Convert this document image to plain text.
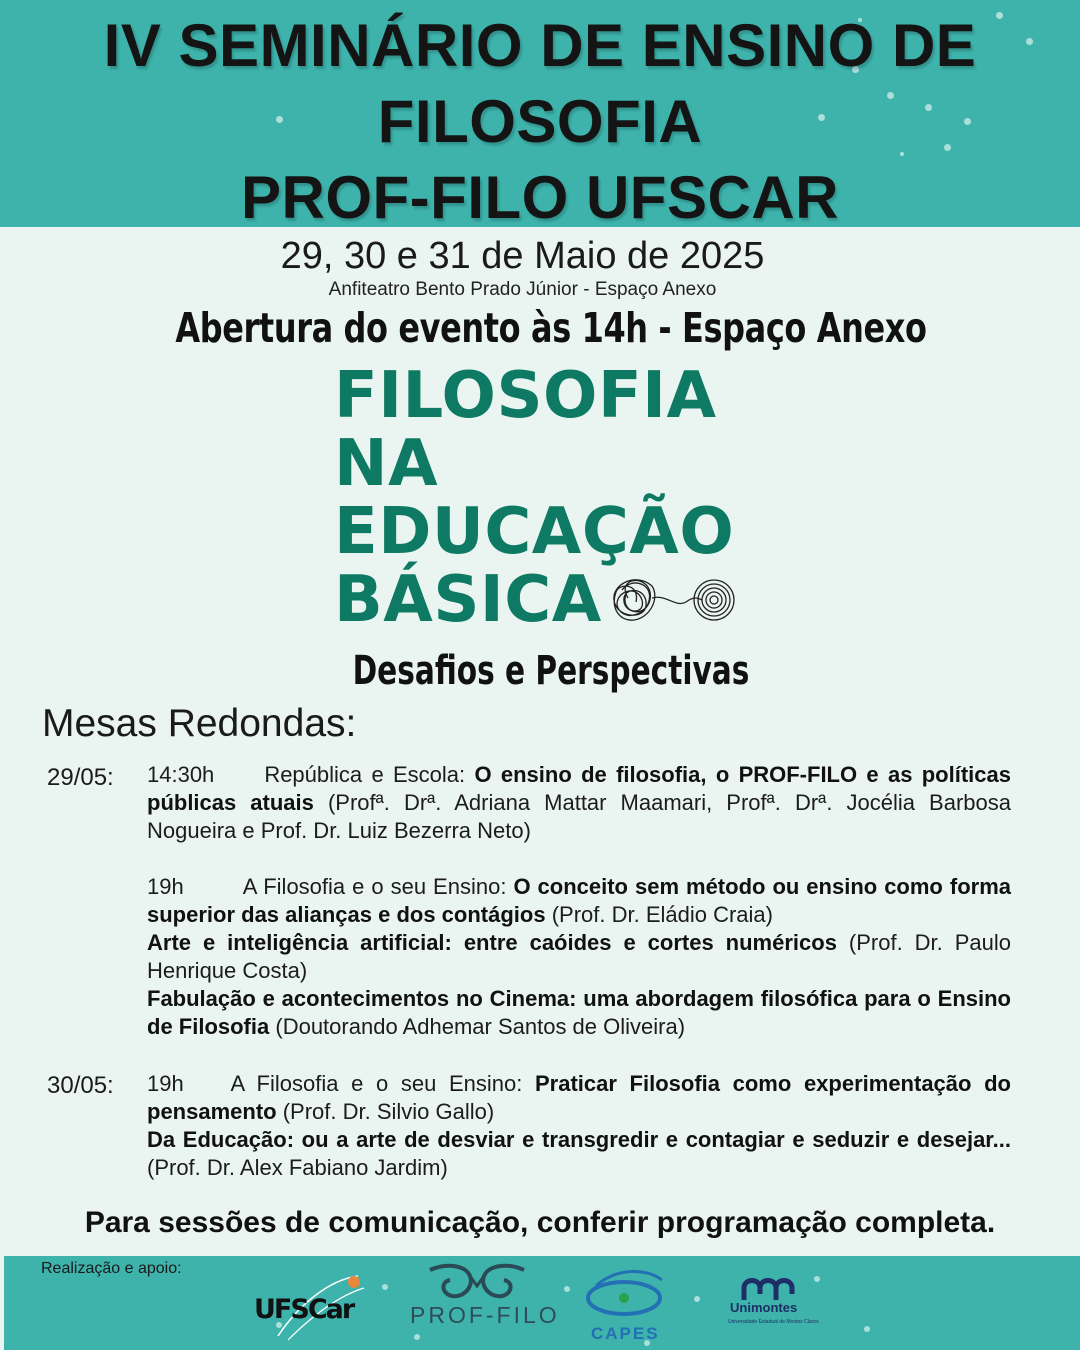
IV SEMINÁRIO DE ENSINO DE
FILOSOFIA
PROF-FILO UFSCAR
29, 30 e 31 de Maio de 2025
Anfiteatro Bento Prado Júnior - Espaço Anexo
Abertura do evento às 14h - Espaço Anexo
FILOSOFIA
NA
EDUCAÇÃO
BÁSICA
Desafios e Perspectivas
Mesas Redondas:
29/05: 14:30h República e Escola: O ensino de filosofia, o PROF-FILO e as políticas públicas atuais (Profª. Drª. Adriana Mattar Maamari, Profª. Drª. Jocélia Barbosa Nogueira e Prof. Dr. Luiz Bezerra Neto)

19h	A Filosofia e o seu Ensino: O conceito sem método ou ensino como forma superior das alianças e dos contágios (Prof. Dr. Eládio Craia)

Arte e inteligência artificial: entre caóides e cortes numéricos (Prof. Dr. Paulo Henrique Costa)

Fabulação e acontecimentos no Cinema: uma abordagem filosófica para o Ensino de Filosofia (Doutorando Adhemar Santos de Oliveira)

30/05: 19h A Filosofia e o seu Ensino: Praticar Filosofia como experimentação do pensamento (Prof. Dr. Silvio Gallo)

Da Educação: ou a arte de desviar e transgredir e contagiar e seduzir e desejar... (Prof. Dr. Alex Fabiano Jardim)

Para sessões de comunicação, conferir programação completa.
Realização e apoio:
UFSCar PROF-FILO
CAPES
Unimontes
Universidade Estadual de Montes Claros
